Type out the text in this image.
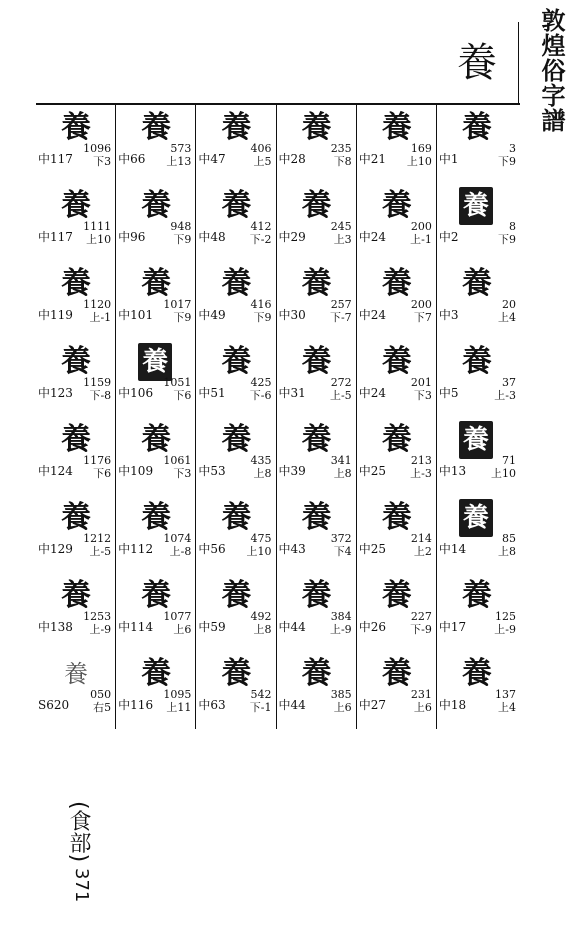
敦煌俗字譜
養
養
中117
1096
下3
養
中117
1111
上10
養
中119
1120
上-1
養
中123
1159
下-8
養
中124
1176
下6
養
中129
1212
上-5
養
中138
1253
上-9
養
S620
050
右5
養
中66
573
上13
養
中96
948
下9
養
中101
1017
下9
養
中106
1051
下6
養
中109
1061
下3
養
中112
1074
上-8
養
中114
1077
上6
養
中116
1095
上11
養
中47
406
上5
養
中48
412
下-2
養
中49
416
下9
養
中51
425
下-6
養
中53
435
上8
養
中56
475
上10
養
中59
492
上8
養
中63
542
下-1
養
中28
235
下8
養
中29
245
上3
養
中30
257
下-7
養
中31
272
上-5
養
中39
341
上8
養
中43
372
下4
養
中44
384
上-9
養
中44
385
上6
養
中21
169
上10
養
中24
200
上-1
養
中24
200
下7
養
中24
201
下3
養
中25
213
上-3
養
中25
214
上2
養
中26
227
下-9
養
中27
231
上6
養
中1
3
下9
養
中2
8
下9
養
中3
20
上4
養
中5
37
上-3
養
中13
71
上10
養
中14
85
上8
養
中17
125
上-9
養
中18
137
上4
(食部)
371
